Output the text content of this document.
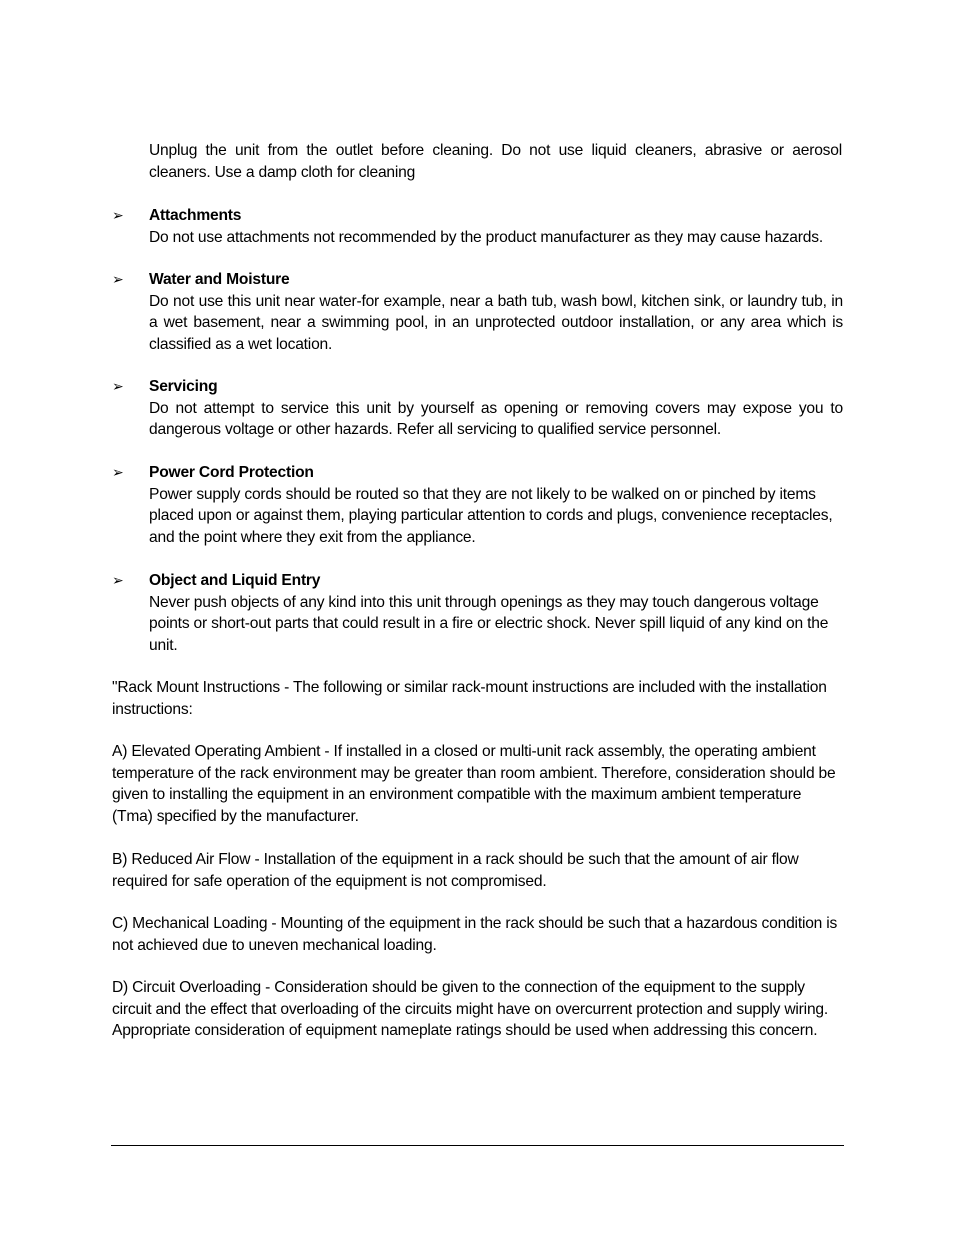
Unplug the unit from the outlet before cleaning. Do not use liquid cleaners, abrasive or aerosol cleaners. Use a damp cloth for cleaning

➢ Attachments
Do not use attachments not recommended by the product manufacturer as they may cause hazards.
➢ Water and Moisture
Do not use this unit near water-for example, near a bath tub, wash bowl, kitchen sink, or laundry tub, in a wet basement, near a swimming pool, in an unprotected outdoor installation, or any area which is classified as a wet location.
➢ Servicing
Do not attempt to service this unit by yourself as opening or removing covers may expose you to dangerous voltage or other hazards. Refer all servicing to qualified service personnel.
➢ Power Cord Protection
Power supply cords should be routed so that they are not likely to be walked on or pinched by items placed upon or against them, playing particular attention to cords and plugs, convenience receptacles, and the point where they exit from the appliance.
➢ Object and Liquid Entry
Never push objects of any kind into this unit through openings as they may touch dangerous voltage points or short-out parts that could result in a fire or electric shock. Never spill liquid of any kind on the unit.

"Rack Mount Instructions - The following or similar rack-mount instructions are included with the installation instructions:

A) Elevated Operating Ambient - If installed in a closed or multi-unit rack assembly, the operating ambient temperature of the rack environment may be greater than room ambient. Therefore, consideration should be given to installing the equipment in an environment compatible with the maximum ambient temperature (Tma) specified by the manufacturer.

B) Reduced Air Flow - Installation of the equipment in a rack should be such that the amount of air flow required for safe operation of the equipment is not compromised.

C) Mechanical Loading - Mounting of the equipment in the rack should be such that a hazardous condition is not achieved due to uneven mechanical loading.

D) Circuit Overloading - Consideration should be given to the connection of the equipment to the supply circuit and the effect that overloading of the circuits might have on overcurrent protection and supply wiring. Appropriate consideration of equipment nameplate ratings should be used when addressing this concern.
